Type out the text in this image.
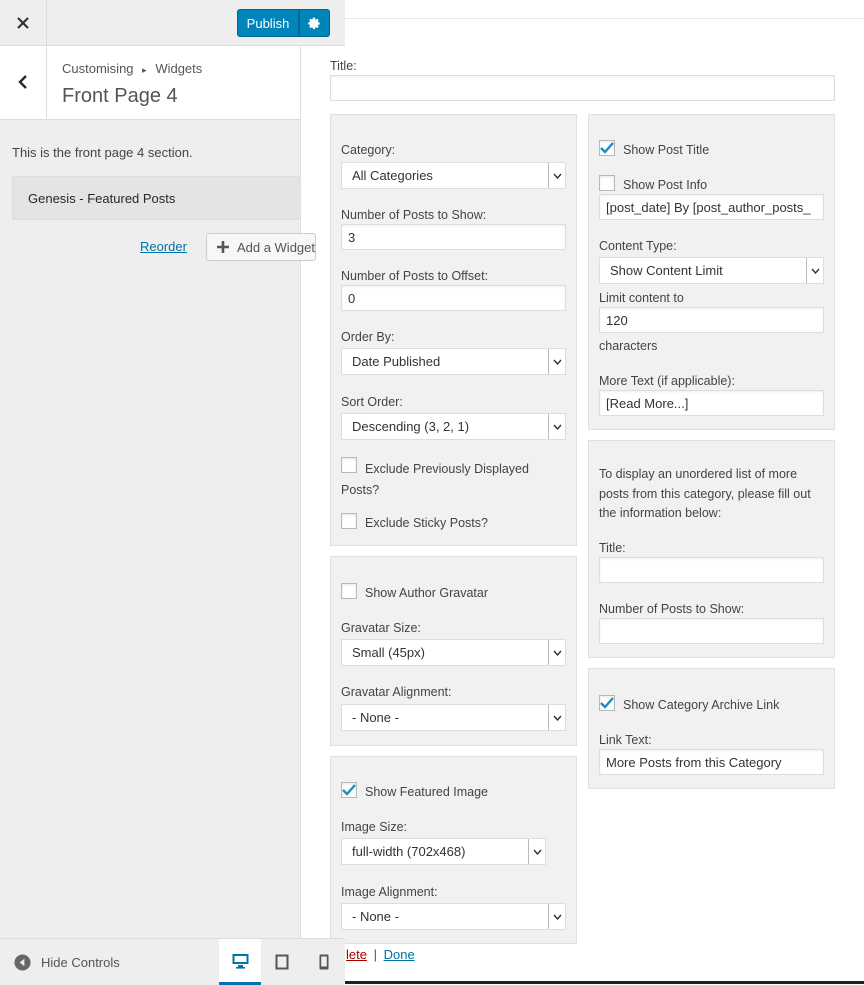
Publish
Customising ▸ Widgets
Front Page 4
This is the front page 4 section.
Genesis - Featured Posts
Reorder	Add a Widget
Hide Controls
Title:
Category:
All Categories
Number of Posts to Show:
3
Number of Posts to Offset:
0
Order By:
Date Published
Sort Order:
Descending (3, 2, 1)
Exclude Previously Displayed Posts?
Exclude Sticky Posts?
Show Author Gravatar
Gravatar Size:
Small (45px)
Gravatar Alignment:
- None -
Show Featured Image
Image Size:
full-width (702x468)
Image Alignment:
- None -
lete | Done
Show Post Title
Show Post Info
[post_date] By [post_author_posts_
Content Type:
Show Content Limit
Limit content to
120
characters
More Text (if applicable):
[Read More...]
To display an unordered list of more posts from this category, please fill out the information below:
Title:
Number of Posts to Show:
Show Category Archive Link
Link Text:
More Posts from this Category
